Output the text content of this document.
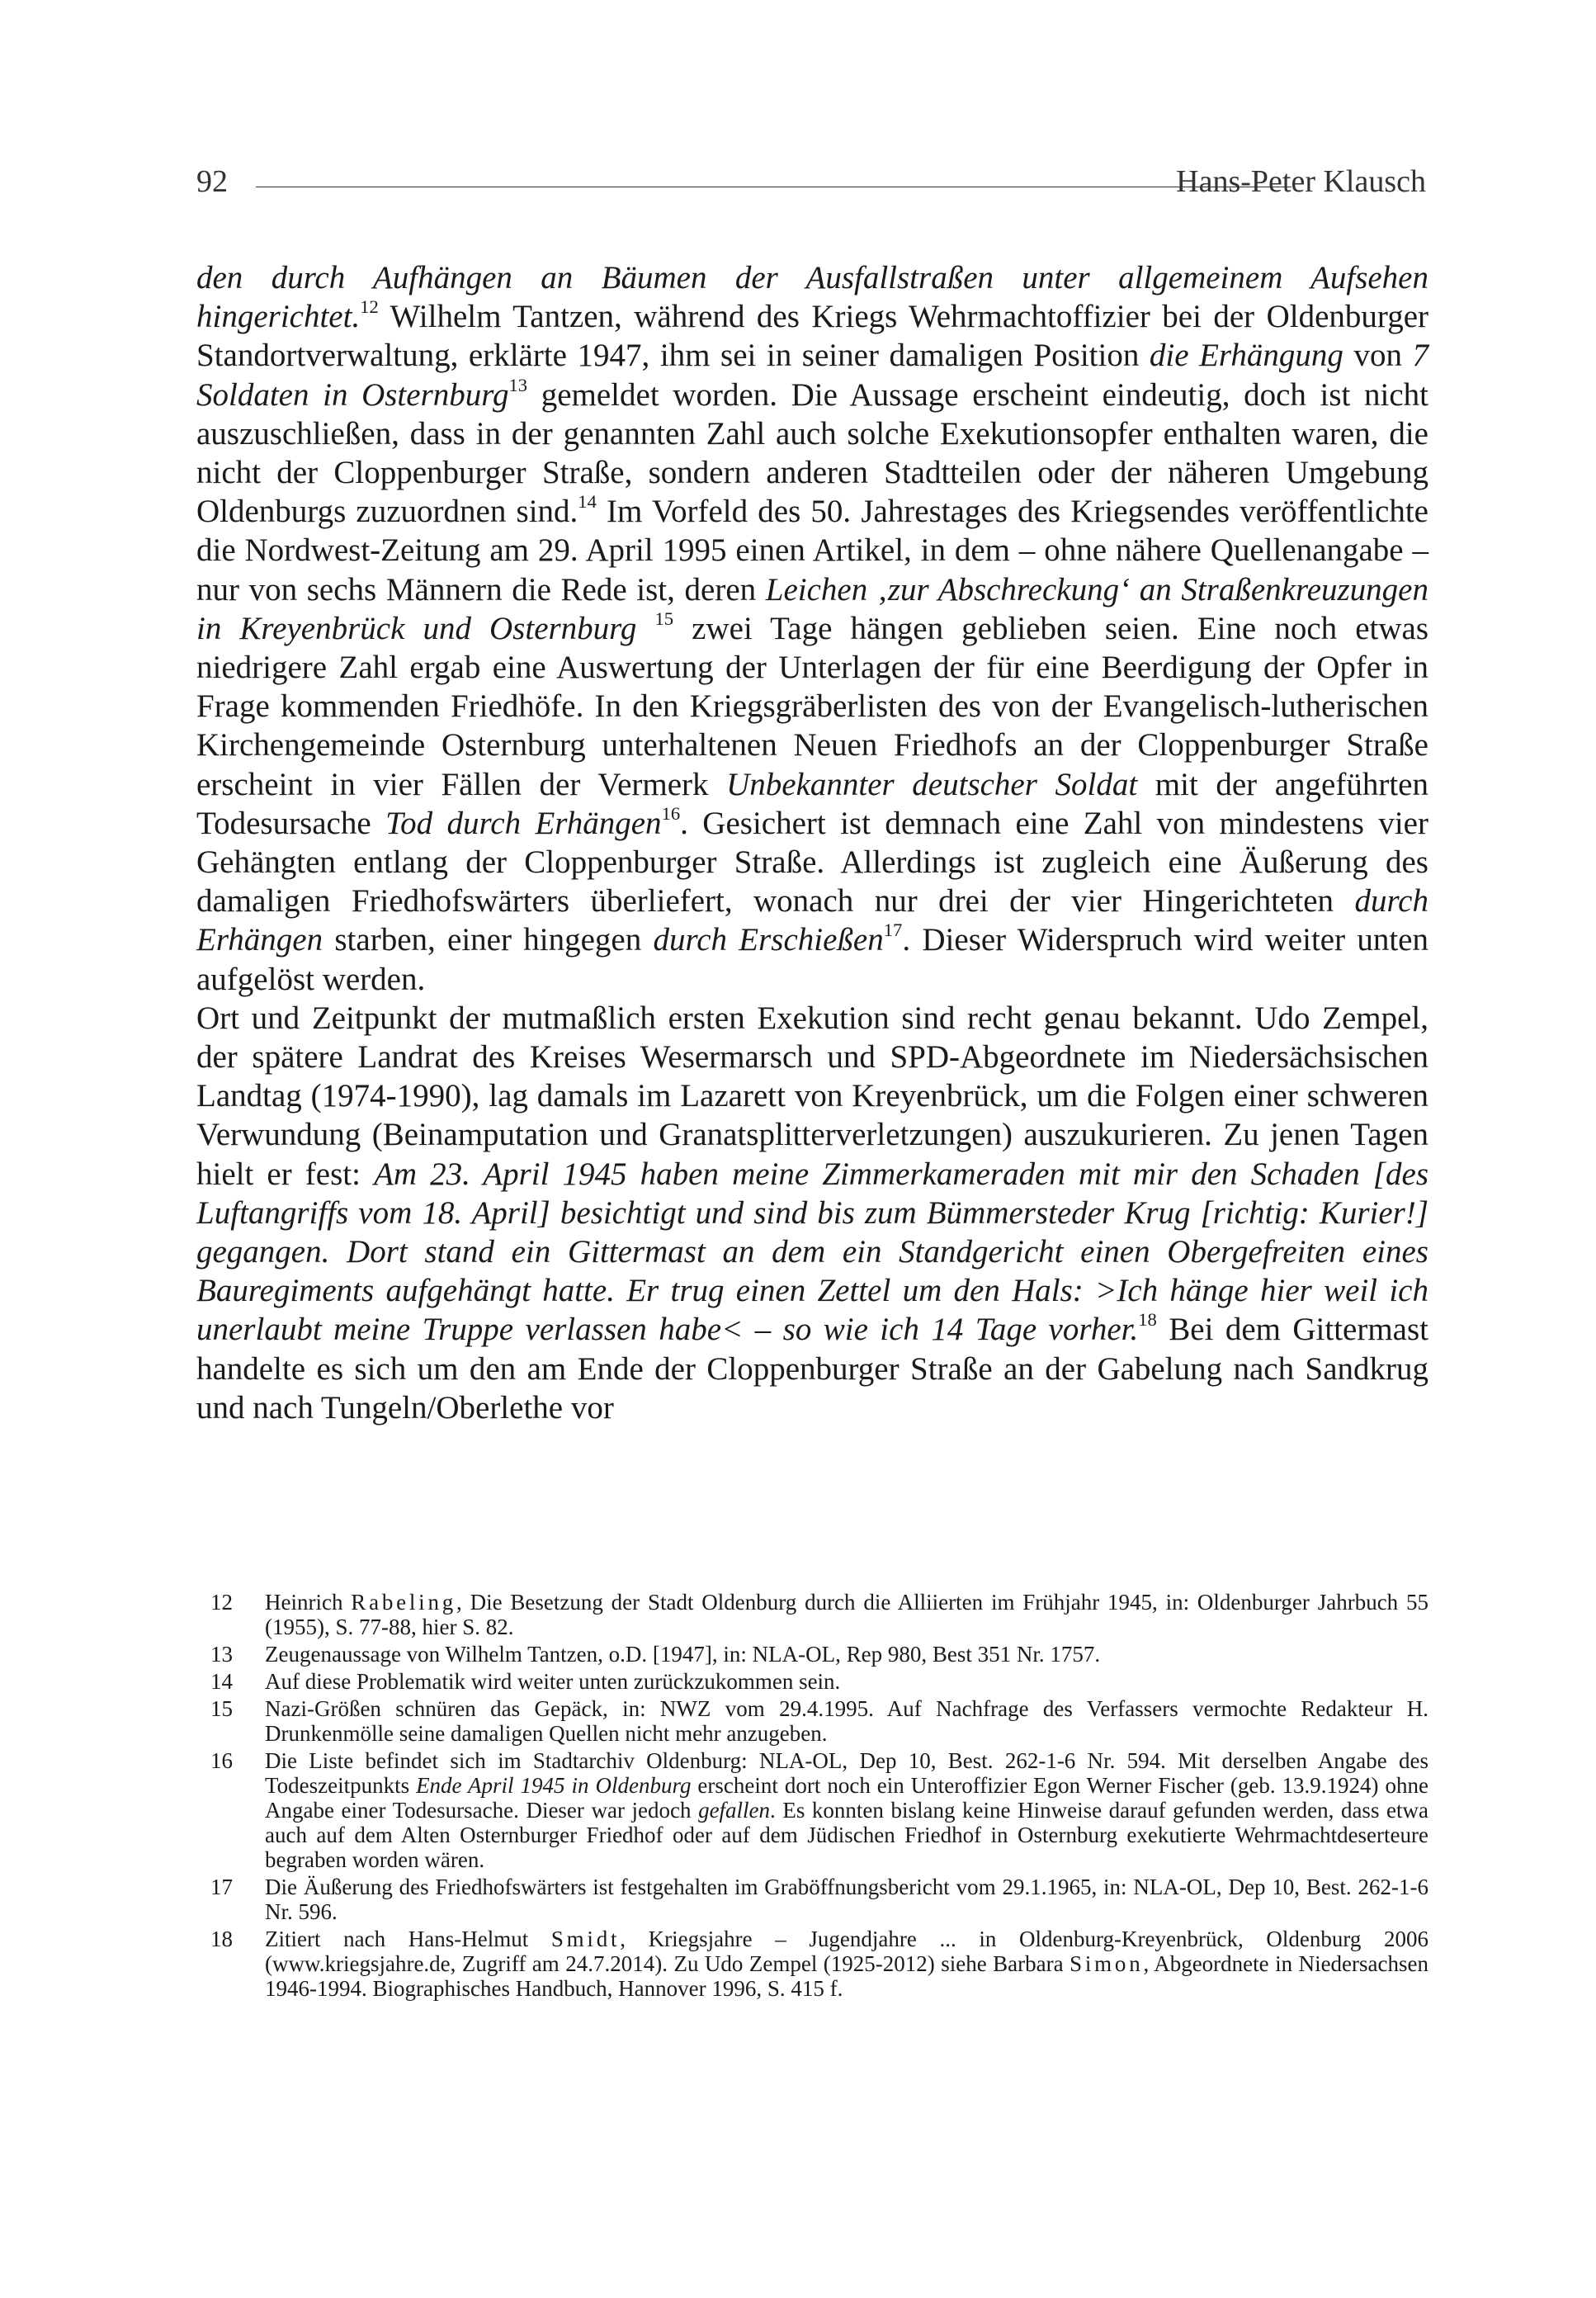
92	Hans-Peter Klausch

den durch Aufhängen an Bäumen der Ausfallstraßen unter allgemeinem Aufsehen hingerichtet.$^{12}$ Wilhelm Tantzen, während des Kriegs Wehrmachtoffizier bei der Oldenburger Standortverwaltung, erklärte 1947, ihm sei in seiner damaligen Position die Erhängung von 7 Soldaten in Osternburg$^{13}$ gemeldet worden. Die Aussage erscheint eindeutig, doch ist nicht auszuschließen, dass in der genannten Zahl auch solche Exekutionsopfer enthalten waren, die nicht der Cloppenburger Straße, sondern anderen Stadtteilen oder der näheren Umgebung Oldenburgs zuzuordnen sind.$^{14}$ Im Vorfeld des 50. Jahrestages des Kriegsendes veröffentlichte die Nordwest-Zeitung am 29. April 1995 einen Artikel, in dem – ohne nähere Quellenangabe – nur von sechs Männern die Rede ist, deren Leichen ‚zur Abschreckung‘ an Straßenkreuzungen in Kreyenbrück und Osternburg $^{15}$ zwei Tage hängen geblieben seien. Eine noch etwas niedrigere Zahl ergab eine Auswertung der Unterlagen der für eine Beerdigung der Opfer in Frage kommenden Friedhöfe. In den Kriegsgräberlisten des von der Evangelisch-lutherischen Kirchengemeinde Osternburg unterhaltenen Neuen Friedhofs an der Cloppenburger Straße erscheint in vier Fällen der Vermerk Unbekannter deutscher Soldat mit der angeführten Todesursache Tod durch Erhängen$^{16}$. Gesichert ist demnach eine Zahl von mindestens vier Gehängten entlang der Cloppenburger Straße. Allerdings ist zugleich eine Äußerung des damaligen Friedhofswärters überliefert, wonach nur drei der vier Hingerichteten durch Erhängen starben, einer hingegen durch Erschießen$^{17}$. Dieser Widerspruch wird weiter unten aufgelöst werden.

Ort und Zeitpunkt der mutmaßlich ersten Exekution sind recht genau bekannt. Udo Zempel, der spätere Landrat des Kreises Wesermarsch und SPD-Abgeordnete im Niedersächsischen Landtag (1974-1990), lag damals im Lazarett von Kreyenbrück, um die Folgen einer schweren Verwundung (Beinamputation und Granatsplitterverletzungen) auszukurieren. Zu jenen Tagen hielt er fest: Am 23. April 1945 haben meine Zimmerkameraden mit mir den Schaden [des Luftangriffs vom 18. April] besichtigt und sind bis zum Bümmersteder Krug [richtig: Kurier!] gegangen. Dort stand ein Gittermast an dem ein Standgericht einen Obergefreiten eines Bauregiments aufgehängt hatte. Er trug einen Zettel um den Hals: >Ich hänge hier weil ich unerlaubt meine Truppe verlassen habe< – so wie ich 14 Tage vorher.$^{18}$ Bei dem Gittermast handelte es sich um den am Ende der Cloppenburger Straße an der Gabelung nach Sandkrug und nach Tungeln/Oberlethe vor

12 Heinrich Rabeling, Die Besetzung der Stadt Oldenburg durch die Alliierten im Frühjahr 1945, in: Oldenburger Jahrbuch 55 (1955), S. 77-88, hier S. 82.
13 Zeugenaussage von Wilhelm Tantzen, o.D. [1947], in: NLA-OL, Rep 980, Best 351 Nr. 1757.
14 Auf diese Problematik wird weiter unten zurückzukommen sein.
15 Nazi-Größen schnüren das Gepäck, in: NWZ vom 29.4.1995. Auf Nachfrage des Verfassers vermochte Redakteur H. Drunkenmölle seine damaligen Quellen nicht mehr anzugeben.
16 Die Liste befindet sich im Stadtarchiv Oldenburg: NLA-OL, Dep 10, Best. 262-1-6 Nr. 594. Mit derselben Angabe des Todeszeitpunkts Ende April 1945 in Oldenburg erscheint dort noch ein Unteroffizier Egon Werner Fischer (geb. 13.9.1924) ohne Angabe einer Todesursache. Dieser war jedoch gefallen. Es konnten bislang keine Hinweise darauf gefunden werden, dass etwa auch auf dem Alten Osternburger Friedhof oder auf dem Jüdischen Friedhof in Osternburg exekutierte Wehrmachtdeserteure begraben worden wären.
17 Die Äußerung des Friedhofswärters ist festgehalten im Graböffnungsbericht vom 29.1.1965, in: NLA-OL, Dep 10, Best. 262-1-6 Nr. 596.
18 Zitiert nach Hans-Helmut Smidt, Kriegsjahre – Jugendjahre ... in Oldenburg-Kreyenbrück, Oldenburg 2006 (www.kriegsjahre.de, Zugriff am 24.7.2014). Zu Udo Zempel (1925-2012) siehe Barbara Simon, Abgeordnete in Niedersachsen 1946-1994. Biographisches Handbuch, Hannover 1996, S. 415 f.
